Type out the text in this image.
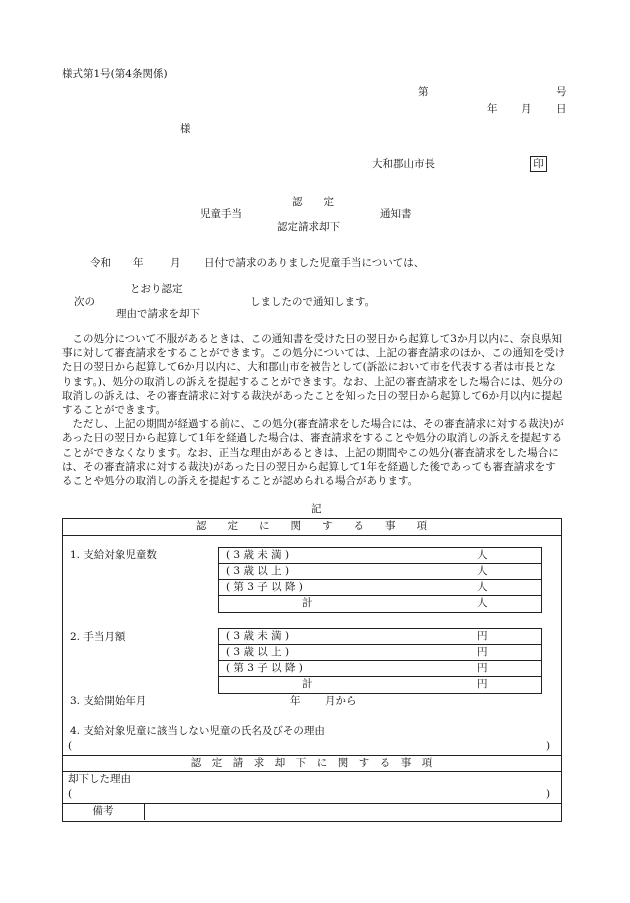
様式第1号(第4条関係)
第	号
年 月 日
様
大和郡山市長	印
認　　定
児童手当	通知書
認定請求却下
令和 年	月 日付で請求のありました児童手当については、
とおり認定
次の	しましたので通知します。
理由で請求を却下

この処分について不服があるときは、この通知書を受けた日の翌日から起算して3か月以内に、奈良県知事に対して審査請求をすることができます。この処分については、上記の審査請求のほか、この通知を受けた日の翌日から起算して6か月以内に、大和郡山市を被告として(訴訟において市を代表する者は市長となります。)、処分の取消しの訴えを提起することができます。なお、上記の審査請求をした場合には、処分の取消しの訴えは、その審査請求に対する裁決があったことを知った日の翌日から起算して6か月以内に提起することができます。

ただし、上記の期間が経過する前に、この処分(審査請求をした場合には、その審査請求に対する裁決)があった日の翌日から起算して1年を経過した場合は、審査請求をすることや処分の取消しの訴えを提起することができなくなります。なお、正当な理由があるときは、上記の期間やこの処分(審査請求をした場合には、その審査請求に対する裁決)があった日の翌日から起算して1年を経過した後であっても審査請求をすることや処分の取消しの訴えを提起することが認められる場合があります。

記
認　　定　　に　　関　　す　　る　　事　　項
1. 支給対象児童数	( 3 歳 未 満 )	人
( 3 歳 以 上 )	人
( 第 3 子 以 降 )	人
計	人
2. 手当月額	( 3 歳 未 満 )	円
( 3 歳 以 上 )	円
( 第 3 子 以 降 )	円
計	円
3. 支給開始年月	年 月から
4. 支給対象児童に該当しない児童の氏名及びその理由
(	)
認　定　請　求　却　下　に　関　す　る　事　項
却下した理由
(	)
備考
